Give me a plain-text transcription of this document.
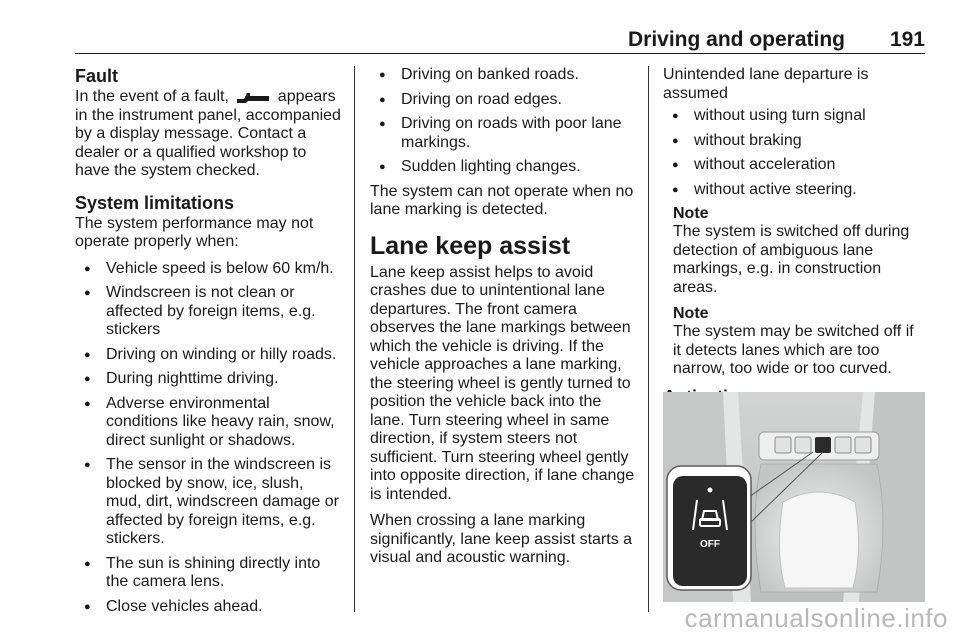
Driving and operating 191
Fault

In the event of a fault,	appears in the instrument panel, accompanied by a display message. Contact a dealer or a qualified workshop to have the system checked.

System limitations

The system performance may not operate properly when:

● Vehicle speed is below 60 km/h.
● Windscreen is not clean or affected by foreign items, e.g. stickers
● Driving on winding or hilly roads.
● During nighttime driving.
● Adverse environmental conditions like heavy rain, snow, direct sunlight or shadows.
● The sensor in the windscreen is blocked by snow, ice, slush, mud, dirt, windscreen damage or affected by foreign items, e.g. stickers.
● The sun is shining directly into the camera lens.
● Close vehicles ahead.
● Driving on banked roads.
● Driving on road edges.
● Driving on roads with poor lane markings.
● Sudden lighting changes.

The system can not operate when no lane marking is detected.

Lane keep assist

Lane keep assist helps to avoid crashes due to unintentional lane departures. The front camera observes the lane markings between which the vehicle is driving. If the vehicle approaches a lane marking, the steering wheel is gently turned to position the vehicle back into the lane. Turn steering wheel in same direction, if system steers not sufficient. Turn steering wheel gently into opposite direction, if lane change is intended.

When crossing a lane marking significantly, lane keep assist starts a visual and acoustic warning.

Unintended lane departure is assumed

● without using turn signal
● without braking
● without acceleration
● without active steering.
Note
The system is switched off during detection of ambiguous lane markings, e.g. in construction areas.
Note
The system may be switched off if it detects lanes which are too narrow, too wide or too curved.
OFF
carmanualsonline.info
